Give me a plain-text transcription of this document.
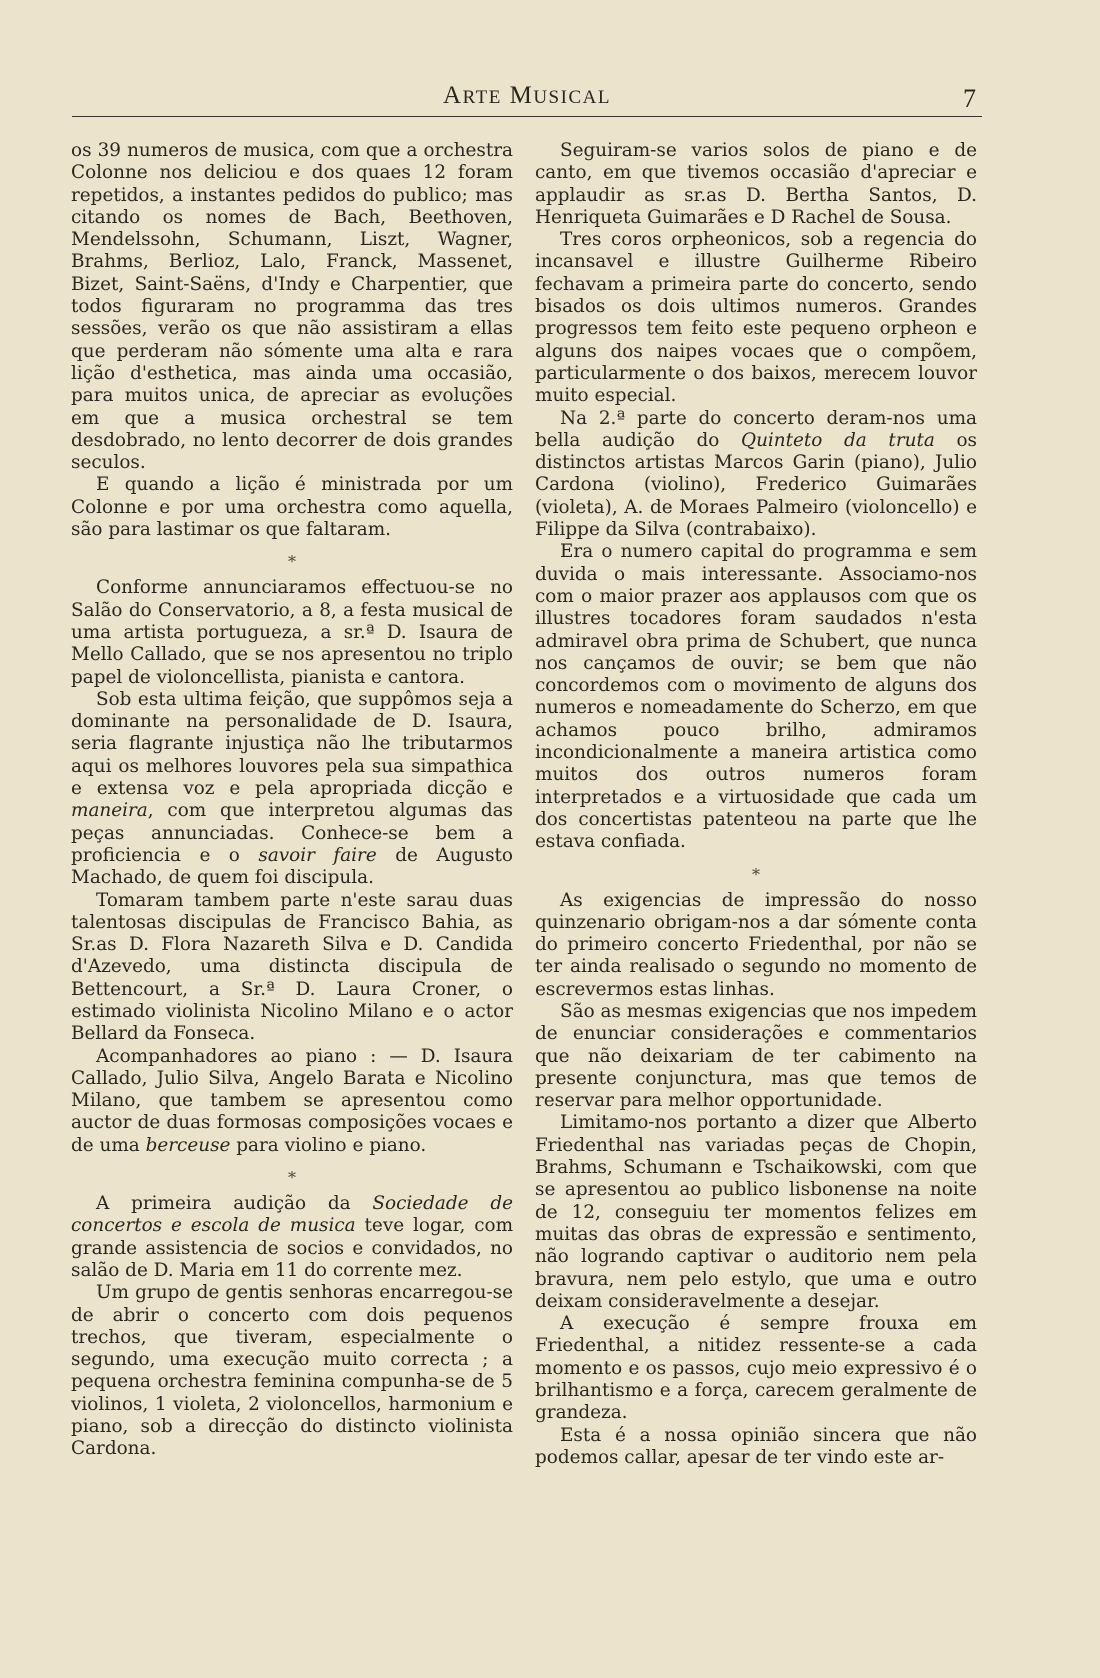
ARTE MUSICAL	7

os 39 numeros de musica, com que a orchestra Colonne nos deliciou e dos quaes 12 foram repetidos, a instantes pedidos do publico; mas citando os nomes de Bach, Beethoven, Mendelssohn, Schumann, Liszt, Wagner, Brahms, Berlioz, Lalo, Franck, Massenet, Bizet, Saint-Saëns, d'Indy e Charpentier, que todos figuraram no programma das tres sessões, verão os que não assistiram a ellas que perderam não sómente uma alta e rara lição d'esthetica, mas ainda uma occasião, para muitos unica, de apreciar as evoluções em que a musica orchestral se tem desdobrado, no lento decorrer de dois grandes seculos.

E quando a lição é ministrada por um Colonne e por uma orchestra como aquella, são para lastimar os que faltaram.

*

Conforme annunciaramos effectuou-se no Salão do Conservatorio, a 8, a festa musical de uma artista portugueza, a sr.ª D. Isaura de Mello Callado, que se nos apresentou no triplo papel de violoncellista, pianista e cantora.

Sob esta ultima feição, que suppômos seja a dominante na personalidade de D. Isaura, seria flagrante injustiça não lhe tributarmos aqui os melhores louvores pela sua simpathica e extensa voz e pela apropriada dicção e maneira, com que interpretou algumas das peças annunciadas. Conhece-se bem a proficiencia e o savoir faire de Augusto Machado, de quem foi discipula.

Tomaram tambem parte n'este sarau duas talentosas discipulas de Francisco Bahia, as Sr.as D. Flora Nazareth Silva e D. Candida d'Azevedo, uma distincta discipula de Bettencourt, a Sr.ª D. Laura Croner, o estimado violinista Nicolino Milano e o actor Bellard da Fonseca.

Acompanhadores ao piano : — D. Isaura Callado, Julio Silva, Angelo Barata e Nicolino Milano, que tambem se apresentou como auctor de duas formosas composições vocaes e de uma berceuse para violino e piano.

*

A primeira audição da Sociedade de concertos e escola de musica teve logar, com grande assistencia de socios e convidados, no salão de D. Maria em 11 do corrente mez.

Um grupo de gentis senhoras encarregou-se de abrir o concerto com dois pequenos trechos, que tiveram, especialmente o segundo, uma execução muito correcta ; a pequena orchestra feminina compunha-se de 5 violinos, 1 violeta, 2 violoncellos, harmonium e piano, sob a direcção do distincto violinista Cardona.

Seguiram-se varios solos de piano e de canto, em que tivemos occasião d'apreciar e applaudir as sr.as D. Bertha Santos, D. Henriqueta Guimarães e D Rachel de Sousa.

Tres coros orpheonicos, sob a regencia do incansavel e illustre Guilherme Ribeiro fechavam a primeira parte do concerto, sendo bisados os dois ultimos numeros. Grandes progressos tem feito este pequeno orpheon e alguns dos naipes vocaes que o compõem, particularmente o dos baixos, merecem louvor muito especial.

Na 2.ª parte do concerto deram-nos uma bella audição do Quinteto da truta os distinctos artistas Marcos Garin (piano), Julio Cardona (violino), Frederico Guimarães (violeta), A. de Moraes Palmeiro (violoncello) e Filippe da Silva (contrabaixo).

Era o numero capital do programma e sem duvida o mais interessante. Associamo-nos com o maior prazer aos applausos com que os illustres tocadores foram saudados n'esta admiravel obra prima de Schubert, que nunca nos cançamos de ouvir; se bem que não concordemos com o movimento de alguns dos numeros e nomeadamente do Scherzo, em que achamos pouco brilho, admiramos incondicionalmente a maneira artistica como muitos dos outros numeros foram interpretados e a virtuosidade que cada um dos concertistas patenteou na parte que lhe estava confiada.

*

As exigencias de impressão do nosso quinzenario obrigam-nos a dar sómente conta do primeiro concerto Friedenthal, por não se ter ainda realisado o segundo no momento de escrevermos estas linhas.

São as mesmas exigencias que nos impedem de enunciar considerações e commentarios que não deixariam de ter cabimento na presente conjunctura, mas que temos de reservar para melhor opportunidade.

Limitamo-nos portanto a dizer que Alberto Friedenthal nas variadas peças de Chopin, Brahms, Schumann e Tschaikowski, com que se apresentou ao publico lisbonense na noite de 12, conseguiu ter momentos felizes em muitas das obras de expressão e sentimento, não logrando captivar o auditorio nem pela bravura, nem pelo estylo, que uma e outro deixam consideravelmente a desejar.

A execução é sempre frouxa em Friedenthal, a nitidez ressente-se a cada momento e os passos, cujo meio expressivo é o brilhantismo e a força, carecem geralmente de grandeza.

Esta é a nossa opinião sincera que não podemos callar, apesar de ter vindo este ar-
